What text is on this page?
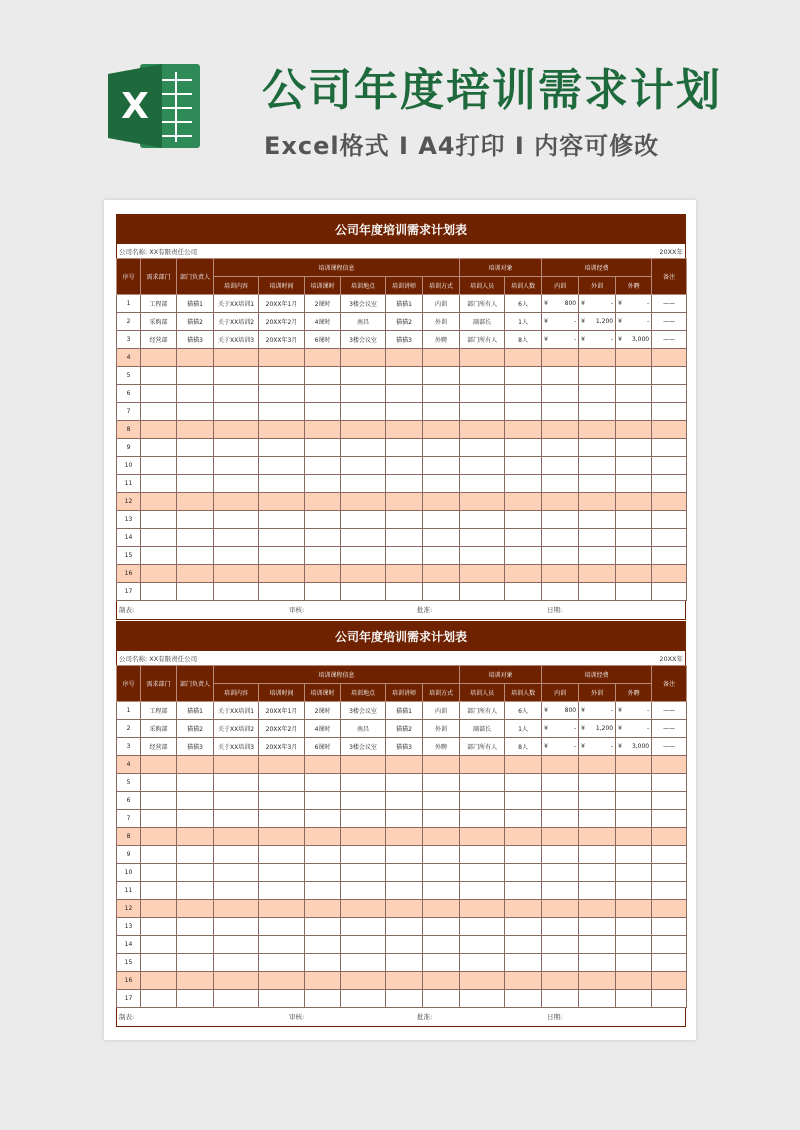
X	公司年度培训需求计划
Excel格式 I A4打印 I 内容可修改
公司年度培训需求计划表
公司名称: XX有限责任公司	20XX年
序号	需求部门	部门负责人	培训课程信息						培训对象		培训经费			备注
			培训内容	培训时间	培训课时	培训地点	培训讲师	培训方式	培训人员	培训人数	内训	外训	外聘	
1	工程部	猫猫1	关于XX培训1	20XX年1月	2课时	3楼会议室	猫猫1	内训	部门所有人	6人	¥ 800	¥ -	¥ -	——
2	采购部	猫猫2	关于XX培训2	20XX年2月	4课时	南昌	猫猫2	外训	副部长	1人	¥ -	¥ 1,200	¥ -	——
3	经营部	猫猫3	关于XX培训3	20XX年3月	6课时	3楼会议室	猫猫3	外聘	部门所有人	8人	¥ -	¥ -	¥ 3,000	——
4														
5														
6														
7														
8														
9														
10														
11														
12														
13														
14														
15														
16														
17														
制表:	审核:	批准:	日期:
公司年度培训需求计划表
公司名称: XX有限责任公司	20XX年
序号	需求部门	部门负责人	培训课程信息						培训对象		培训经费			备注
			培训内容	培训时间	培训课时	培训地点	培训讲师	培训方式	培训人员	培训人数	内训	外训	外聘	
1	工程部	猫猫1	关于XX培训1	20XX年1月	2课时	3楼会议室	猫猫1	内训	部门所有人	6人	¥ 800	¥ -	¥ -	——
2	采购部	猫猫2	关于XX培训2	20XX年2月	4课时	南昌	猫猫2	外训	副部长	1人	¥ -	¥ 1,200	¥ -	——
3	经营部	猫猫3	关于XX培训3	20XX年3月	6课时	3楼会议室	猫猫3	外聘	部门所有人	8人	¥ -	¥ -	¥ 3,000	——
4														
5														
6														
7														
8														
9														
10														
11														
12														
13														
14														
15														
16														
17														
制表:	审核:	批准:	日期:
